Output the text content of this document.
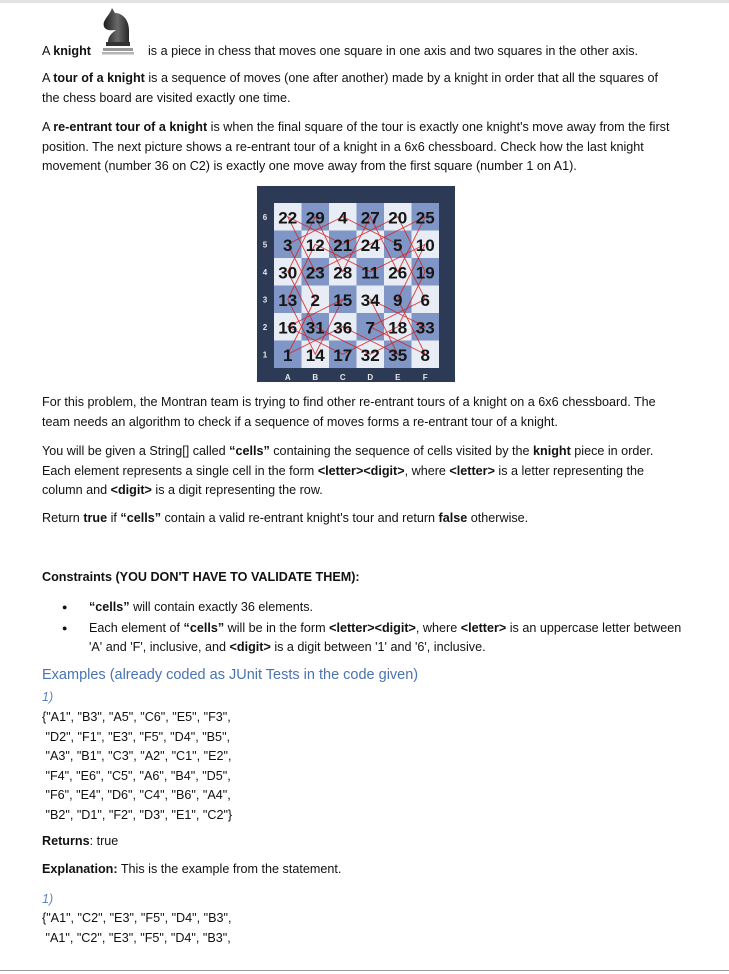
A knight	is a piece in chess that moves one square in one axis and two squares in the other axis.

A tour of a knight is a sequence of moves (one after another) made by a knight in order that all the squares of the chess board are visited exactly one time.

A re-entrant tour of a knight is when the final square of the tour is exactly one knight's move away from the first position. The next picture shows a re-entrant tour of a knight in a 6x6 chessboard. Check how the last knight movement (number 36 on C2) is exactly one move away from the first square (number 1 on A1).

22 29 4 27 20 25
3 12 21 24 5 10
30 23 28 11 26 19
13 2 15 34 9 6
16 31 36 7 18 33
1 14 17 32 35 8
6
5
4
3
2
1
A	B	C	D	E	F

For this problem, the Montran team is trying to find other re-entrant tours of a knight on a 6x6 chessboard. The team needs an algorithm to check if a sequence of moves forms a re-entrant tour of a knight.

You will be given a String[] called “cells” containing the sequence of cells visited by the knight piece in order. Each element represents a single cell in the form <letter><digit>, where <letter> is a letter representing the column and <digit> is a digit representing the row.

Return true if “cells” contain a valid re-entrant knight's tour and return false otherwise.

Constraints (YOU DON'T HAVE TO VALIDATE THEM):
● “cells” will contain exactly 36 elements.
● Each element of “cells” will be in the form <letter><digit>, where <letter> is an uppercase letter between 'A' and 'F', inclusive, and <digit> is a digit between '1' and '6', inclusive.
Examples (already coded as JUnit Tests in the code given)
1)
{"A1", "B3", "A5", "C6", "E5", "F3",
"D2", "F1", "E3", "F5", "D4", "B5",
"A3", "B1", "C3", "A2", "C1", "E2",
"F4", "E6", "C5", "A6", "B4", "D5",
"F6", "E4", "D6", "C4", "B6", "A4",
"B2", "D1", "F2", "D3", "E1", "C2"}
Returns: true
Explanation: This is the example from the statement.
1)
{"A1", "C2", "E3", "F5", "D4", "B3",
"A1", "C2", "E3", "F5", "D4", "B3",
